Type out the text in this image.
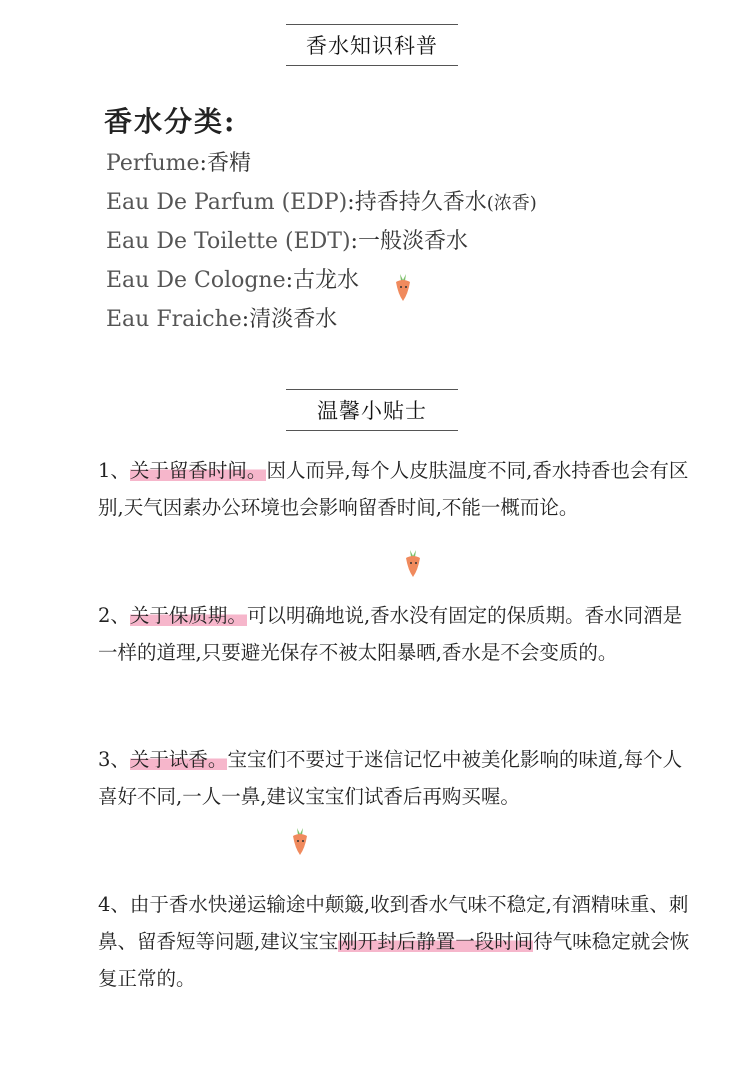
香水知识科普
香水分类:
Perfume:香精
Eau De Parfum (EDP):持香持久香水(浓香)
Eau De Toilette (EDT):一般淡香水
Eau De Cologne:古龙水
Eau Fraiche:清淡香水
温馨小贴士
1、关于留香时间。因人而异,每个人皮肤温度不同,香水持香也会有区别,天气因素办公环境也会影响留香时间,不能一概而论。
2、关于保质期。可以明确地说,香水没有固定的保质期。香水同酒是一样的道理,只要避光保存不被太阳暴晒,香水是不会变质的。
3、关于试香。宝宝们不要过于迷信记忆中被美化影响的味道,每个人喜好不同,一人一鼻,建议宝宝们试香后再购买喔。
4、由于香水快递运输途中颠簸,收到香水气味不稳定,有酒精味重、刺鼻、留香短等问题,建议宝宝刚开封后静置一段时间待气味稳定就会恢复正常的。
